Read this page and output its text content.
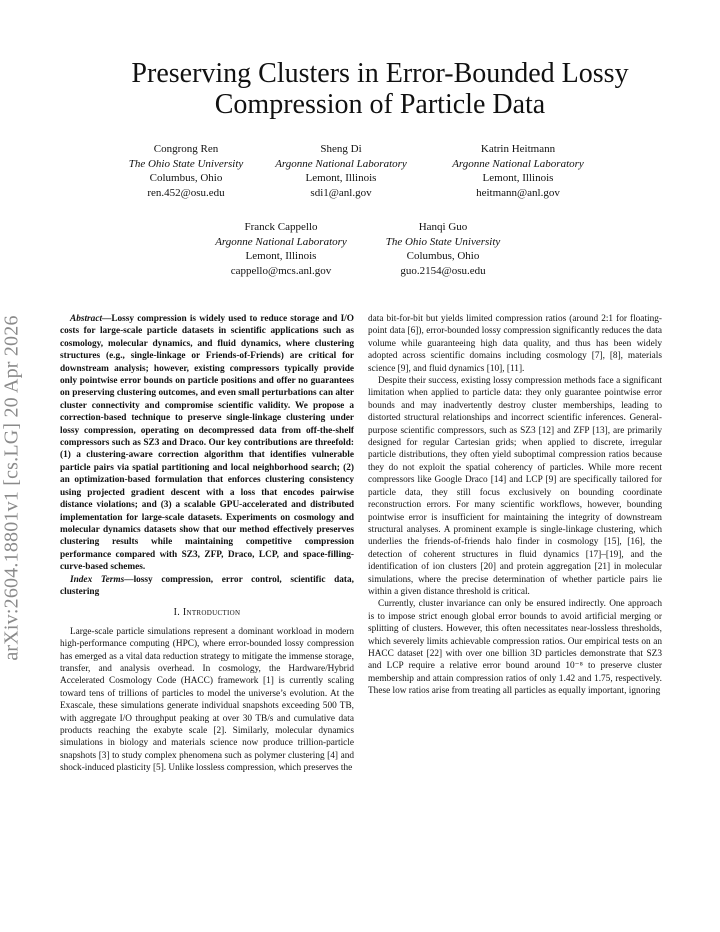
arXiv:2604.18801v1 [cs.LG] 20 Apr 2026
Preserving Clusters in Error-Bounded Lossy Compression of Particle Data
Congrong Ren
The Ohio State University
Columbus, Ohio
ren.452@osu.edu
Sheng Di
Argonne National Laboratory
Lemont, Illinois
sdi1@anl.gov
Katrin Heitmann
Argonne National Laboratory
Lemont, Illinois
heitmann@anl.gov
Franck Cappello
Argonne National Laboratory
Lemont, Illinois
cappello@mcs.anl.gov
Hanqi Guo
The Ohio State University
Columbus, Ohio
guo.2154@osu.edu

Abstract—Lossy compression is widely used to reduce storage and I/O costs for large-scale particle datasets in scientific applications such as cosmology, molecular dynamics, and fluid dynamics, where clustering structures (e.g., single-linkage or Friends-of-Friends) are critical for downstream analysis; however, existing compressors typically provide only pointwise error bounds on particle positions and offer no guarantees on preserving clustering outcomes, and even small perturbations can alter cluster connectivity and compromise scientific validity. We propose a correction-based technique to preserve single-linkage clustering under lossy compression, operating on decompressed data from off-the-shelf compressors such as SZ3 and Draco. Our key contributions are threefold: (1) a clustering-aware correction algorithm that identifies vulnerable particle pairs via spatial partitioning and local neighborhood search; (2) an optimization-based formulation that enforces clustering consistency using projected gradient descent with a loss that encodes pairwise distance violations; and (3) a scalable GPU-accelerated and distributed implementation for large-scale datasets. Experiments on cosmology and molecular dynamics datasets show that our method effectively preserves clustering results while maintaining competitive compression performance compared with SZ3, ZFP, Draco, LCP, and space-filling-curve-based schemes.

Index Terms—lossy compression, error control, scientific data, clustering

I. Introduction

Large-scale particle simulations represent a dominant workload in modern high-performance computing (HPC), where error-bounded lossy compression has emerged as a vital data reduction strategy to mitigate the immense storage, transfer, and analysis overhead. In cosmology, the Hardware/Hybrid Accelerated Cosmology Code (HACC) framework [1] is currently scaling toward tens of trillions of particles to model the universe’s evolution. At the Exascale, these simulations generate individual snapshots exceeding 500 TB, with aggregate I/O throughput peaking at over 30 TB/s and cumulative data products reaching the exabyte scale [2]. Similarly, molecular dynamics simulations in biology and materials science now produce trillion-particle snapshots [3] to study complex phenomena such as polymer clustering [4] and shock-induced plasticity [5]. Unlike lossless compression, which preserves the

data bit-for-bit but yields limited compression ratios (around 2:1 for floating-point data [6]), error-bounded lossy compression significantly reduces the data volume while guaranteeing high data quality, and thus has been widely adopted across scientific domains including cosmology [7], [8], materials science [9], and fluid dynamics [10], [11].

Despite their success, existing lossy compression methods face a significant limitation when applied to particle data: they only guarantee pointwise error bounds and may inadvertently destroy cluster memberships, leading to distorted structural relationships and incorrect scientific inferences. General-purpose scientific compressors, such as SZ3 [12] and ZFP [13], are primarily designed for regular Cartesian grids; when applied to discrete, irregular particle distributions, they often yield suboptimal compression ratios because they do not exploit the spatial coherency of particles. While more recent compressors like Google Draco [14] and LCP [9] are specifically tailored for particle data, they still focus exclusively on bounding coordinate reconstruction errors. For many scientific workflows, however, bounding pointwise error is insufficient for maintaining the integrity of downstream structural analyses. A prominent example is single-linkage clustering, which underlies the friends-of-friends halo finder in cosmology [15], [16], the detection of coherent structures in fluid dynamics [17]–[19], and the identification of ion clusters [20] and protein aggregation [21] in molecular simulations, where the precise determination of whether particle pairs lie within a given distance threshold is critical.

Currently, cluster invariance can only be ensured indirectly. One approach is to impose strict enough global error bounds to avoid artificial merging or splitting of clusters. However, this often necessitates near-lossless thresholds, which severely limits achievable compression ratios. Our empirical tests on an HACC dataset [22] with over one billion 3D particles demonstrate that SZ3 and LCP require a relative error bound around 10⁻⁸ to preserve cluster membership and attain compression ratios of only 1.42 and 1.75, respectively. These low ratios arise from treating all particles as equally important, ignoring
